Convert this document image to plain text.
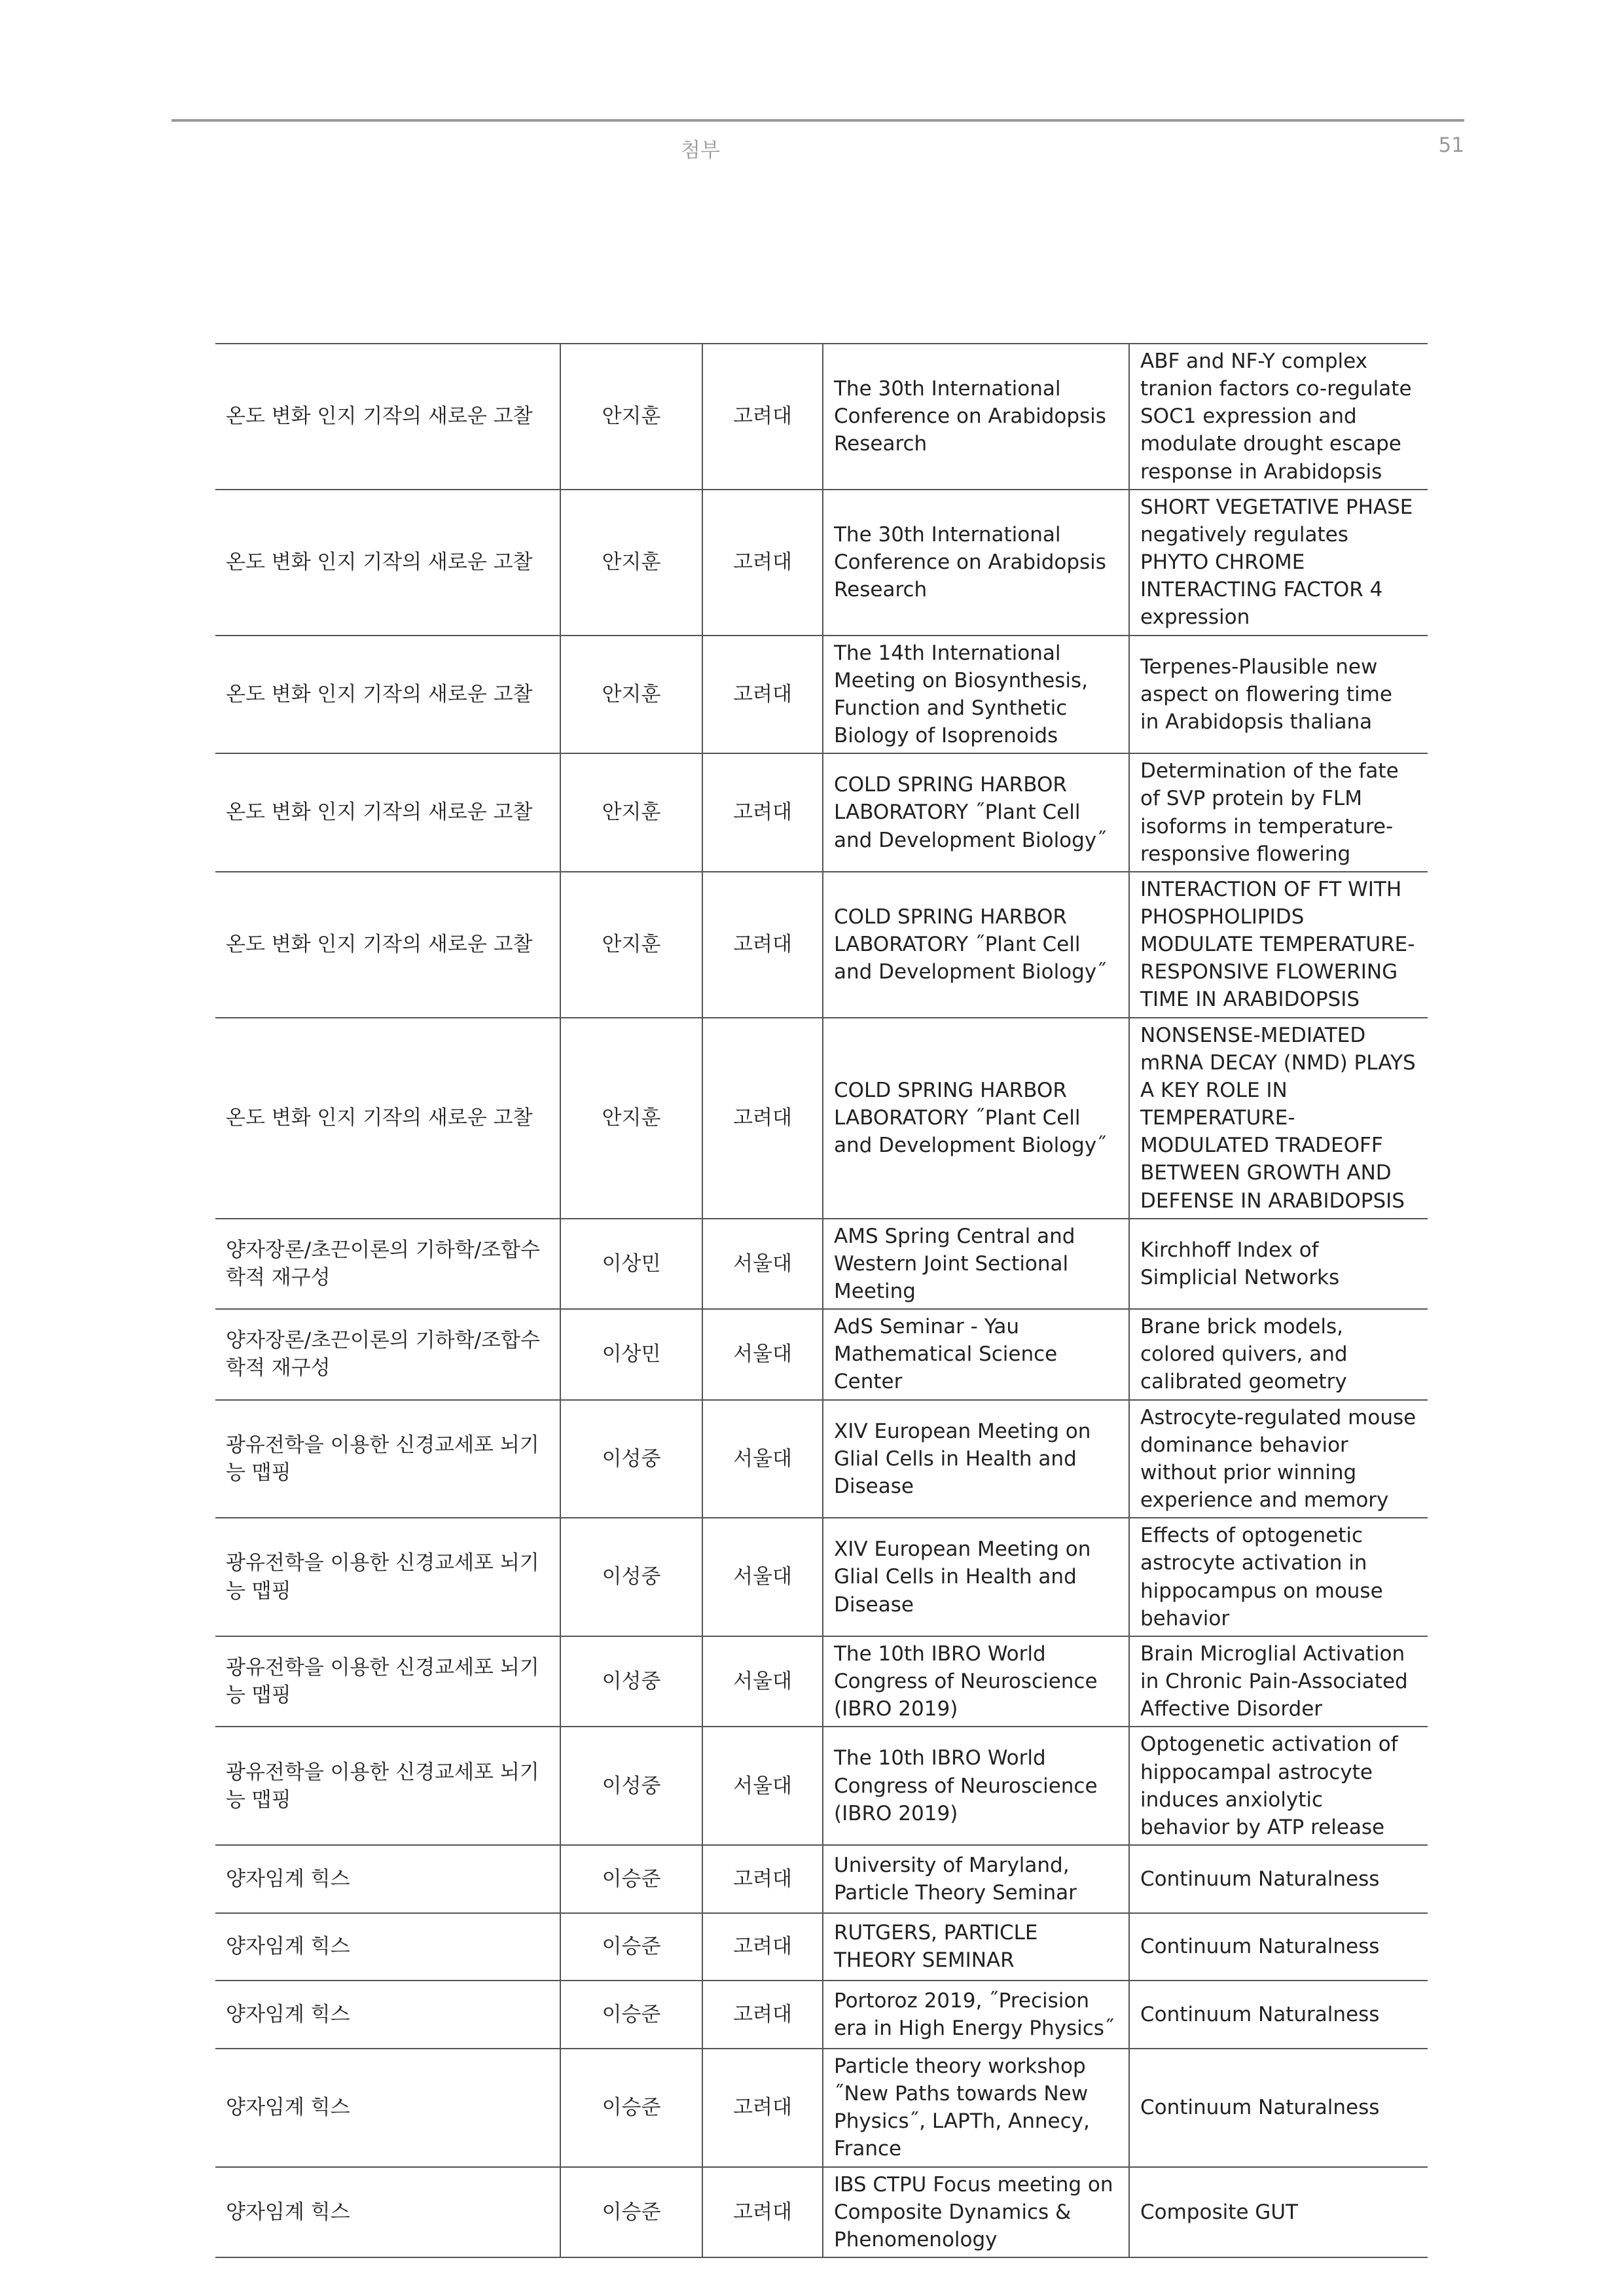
첨부	51
온도 변화 인지 기작의 새로운 고찰	안지훈	고려대	The 30th International Conference on Arabidopsis Research	ABF and NF-Y complex tranion factors co-regulate SOC1 expression and modulate drought escape response in Arabidopsis
온도 변화 인지 기작의 새로운 고찰	안지훈	고려대	The 30th International Conference on Arabidopsis Research	SHORT VEGETATIVE PHASE negatively regulates PHYTO CHROME INTERACTING FACTOR 4 expression
온도 변화 인지 기작의 새로운 고찰	안지훈	고려대	The 14th International Meeting on Biosynthesis, Function and Synthetic Biology of Isoprenoids	Terpenes-Plausible new aspect on flowering time in Arabidopsis thaliana
온도 변화 인지 기작의 새로운 고찰	안지훈	고려대	COLD SPRING HARBOR LABORATORY ˝Plant Cell and Development Biology˝	Determination of the fate of SVP protein by FLM isoforms in temperature-responsive flowering
온도 변화 인지 기작의 새로운 고찰	안지훈	고려대	COLD SPRING HARBOR LABORATORY ˝Plant Cell and Development Biology˝	INTERACTION OF FT WITH PHOSPHOLIPIDS MODULATE TEMPERATURE-RESPONSIVE FLOWERING TIME IN ARABIDOPSIS
온도 변화 인지 기작의 새로운 고찰	안지훈	고려대	COLD SPRING HARBOR LABORATORY ˝Plant Cell and Development Biology˝	NONSENSE-MEDIATED mRNA DECAY (NMD) PLAYS A KEY ROLE IN TEMPERATURE-MODULATED TRADEOFF BETWEEN GROWTH AND DEFENSE IN ARABIDOPSIS
양자장론/초끈이론의 기하학/조합수학적 재구성	이상민	서울대	AMS Spring Central and Western Joint Sectional Meeting	Kirchhoff Index of Simplicial Networks
양자장론/초끈이론의 기하학/조합수학적 재구성	이상민	서울대	AdS Seminar - Yau Mathematical Science Center	Brane brick models, colored quivers, and calibrated geometry
광유전학을 이용한 신경교세포 뇌기능 맵핑	이성중	서울대	XIV European Meeting on Glial Cells in Health and Disease	Astrocyte-regulated mouse dominance behavior without prior winning experience and memory
광유전학을 이용한 신경교세포 뇌기능 맵핑	이성중	서울대	XIV European Meeting on Glial Cells in Health and Disease	Effects of optogenetic astrocyte activation in hippocampus on mouse behavior
광유전학을 이용한 신경교세포 뇌기능 맵핑	이성중	서울대	The 10th IBRO World Congress of Neuroscience (IBRO 2019)	Brain Microglial Activation in Chronic Pain-Associated Affective Disorder
광유전학을 이용한 신경교세포 뇌기능 맵핑	이성중	서울대	The 10th IBRO World Congress of Neuroscience (IBRO 2019)	Optogenetic activation of hippocampal astrocyte induces anxiolytic behavior by ATP release
양자임계 힉스	이승준	고려대	University of Maryland, Particle Theory Seminar	Continuum Naturalness
양자임계 힉스	이승준	고려대	RUTGERS, PARTICLE THEORY SEMINAR	Continuum Naturalness
양자임계 힉스	이승준	고려대	Portoroz 2019, ˝Precision era in High Energy Physics˝	Continuum Naturalness
양자임계 힉스	이승준	고려대	Particle theory workshop ˝New Paths towards New Physics˝, LAPTh, Annecy, France	Continuum Naturalness
양자임계 힉스	이승준	고려대	IBS CTPU Focus meeting on Composite Dynamics & Phenomenology	Composite GUT
